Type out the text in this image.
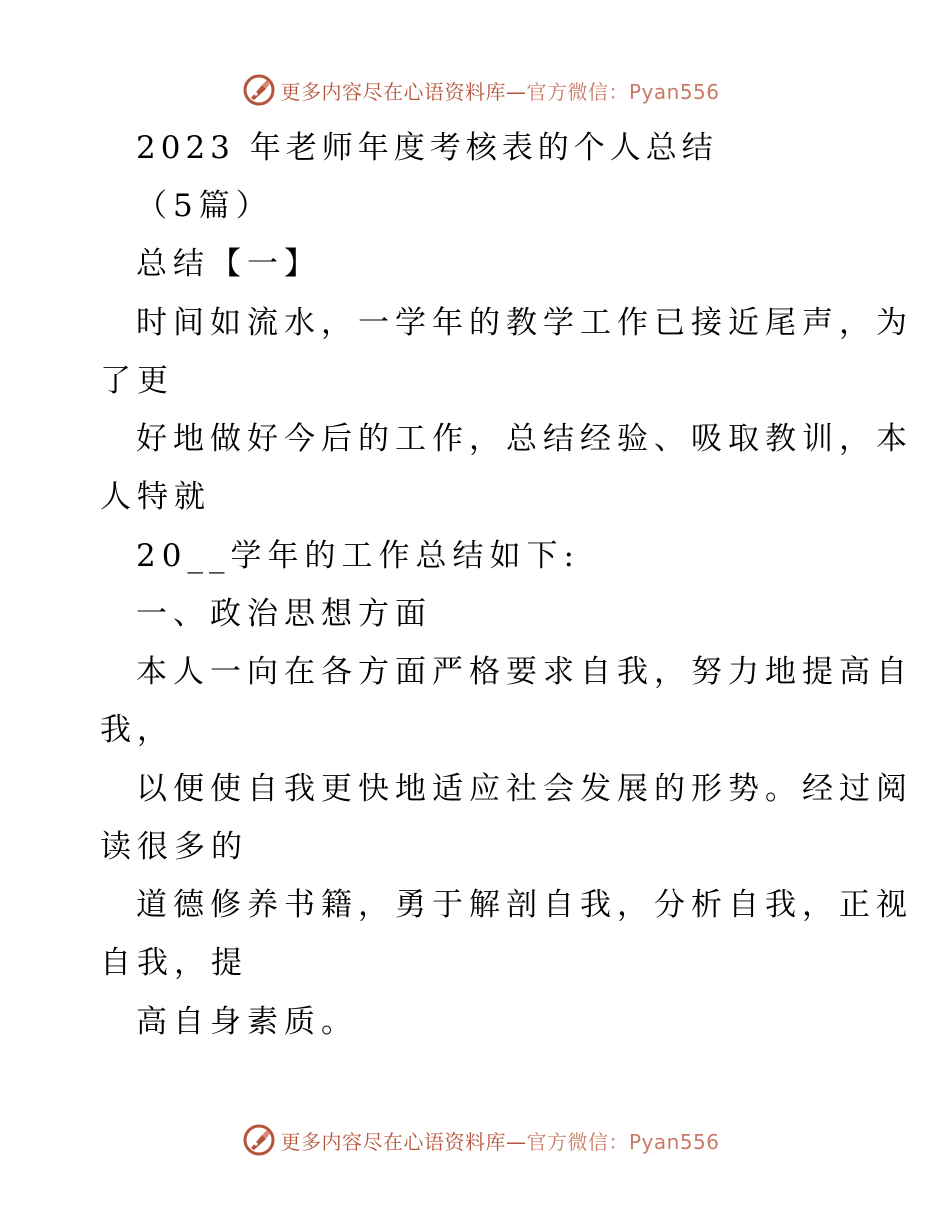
更多内容尽在心语资料库—官方微信：Pyan556
2023 年老师年度考核表的个人总结
（5篇）
总结【一】
时间如流水，一学年的教学工作已接近尾声，为
了更
好地做好今后的工作，总结经验、吸取教训，本
人特就
20__学年的工作总结如下:
一、政治思想方面
本人一向在各方面严格要求自我，努力地提高自
我，
以便使自我更快地适应社会发展的形势。经过阅
读很多的
道德修养书籍，勇于解剖自我，分析自我，正视
自我，提
高自身素质。
更多内容尽在心语资料库—官方微信：Pyan556
